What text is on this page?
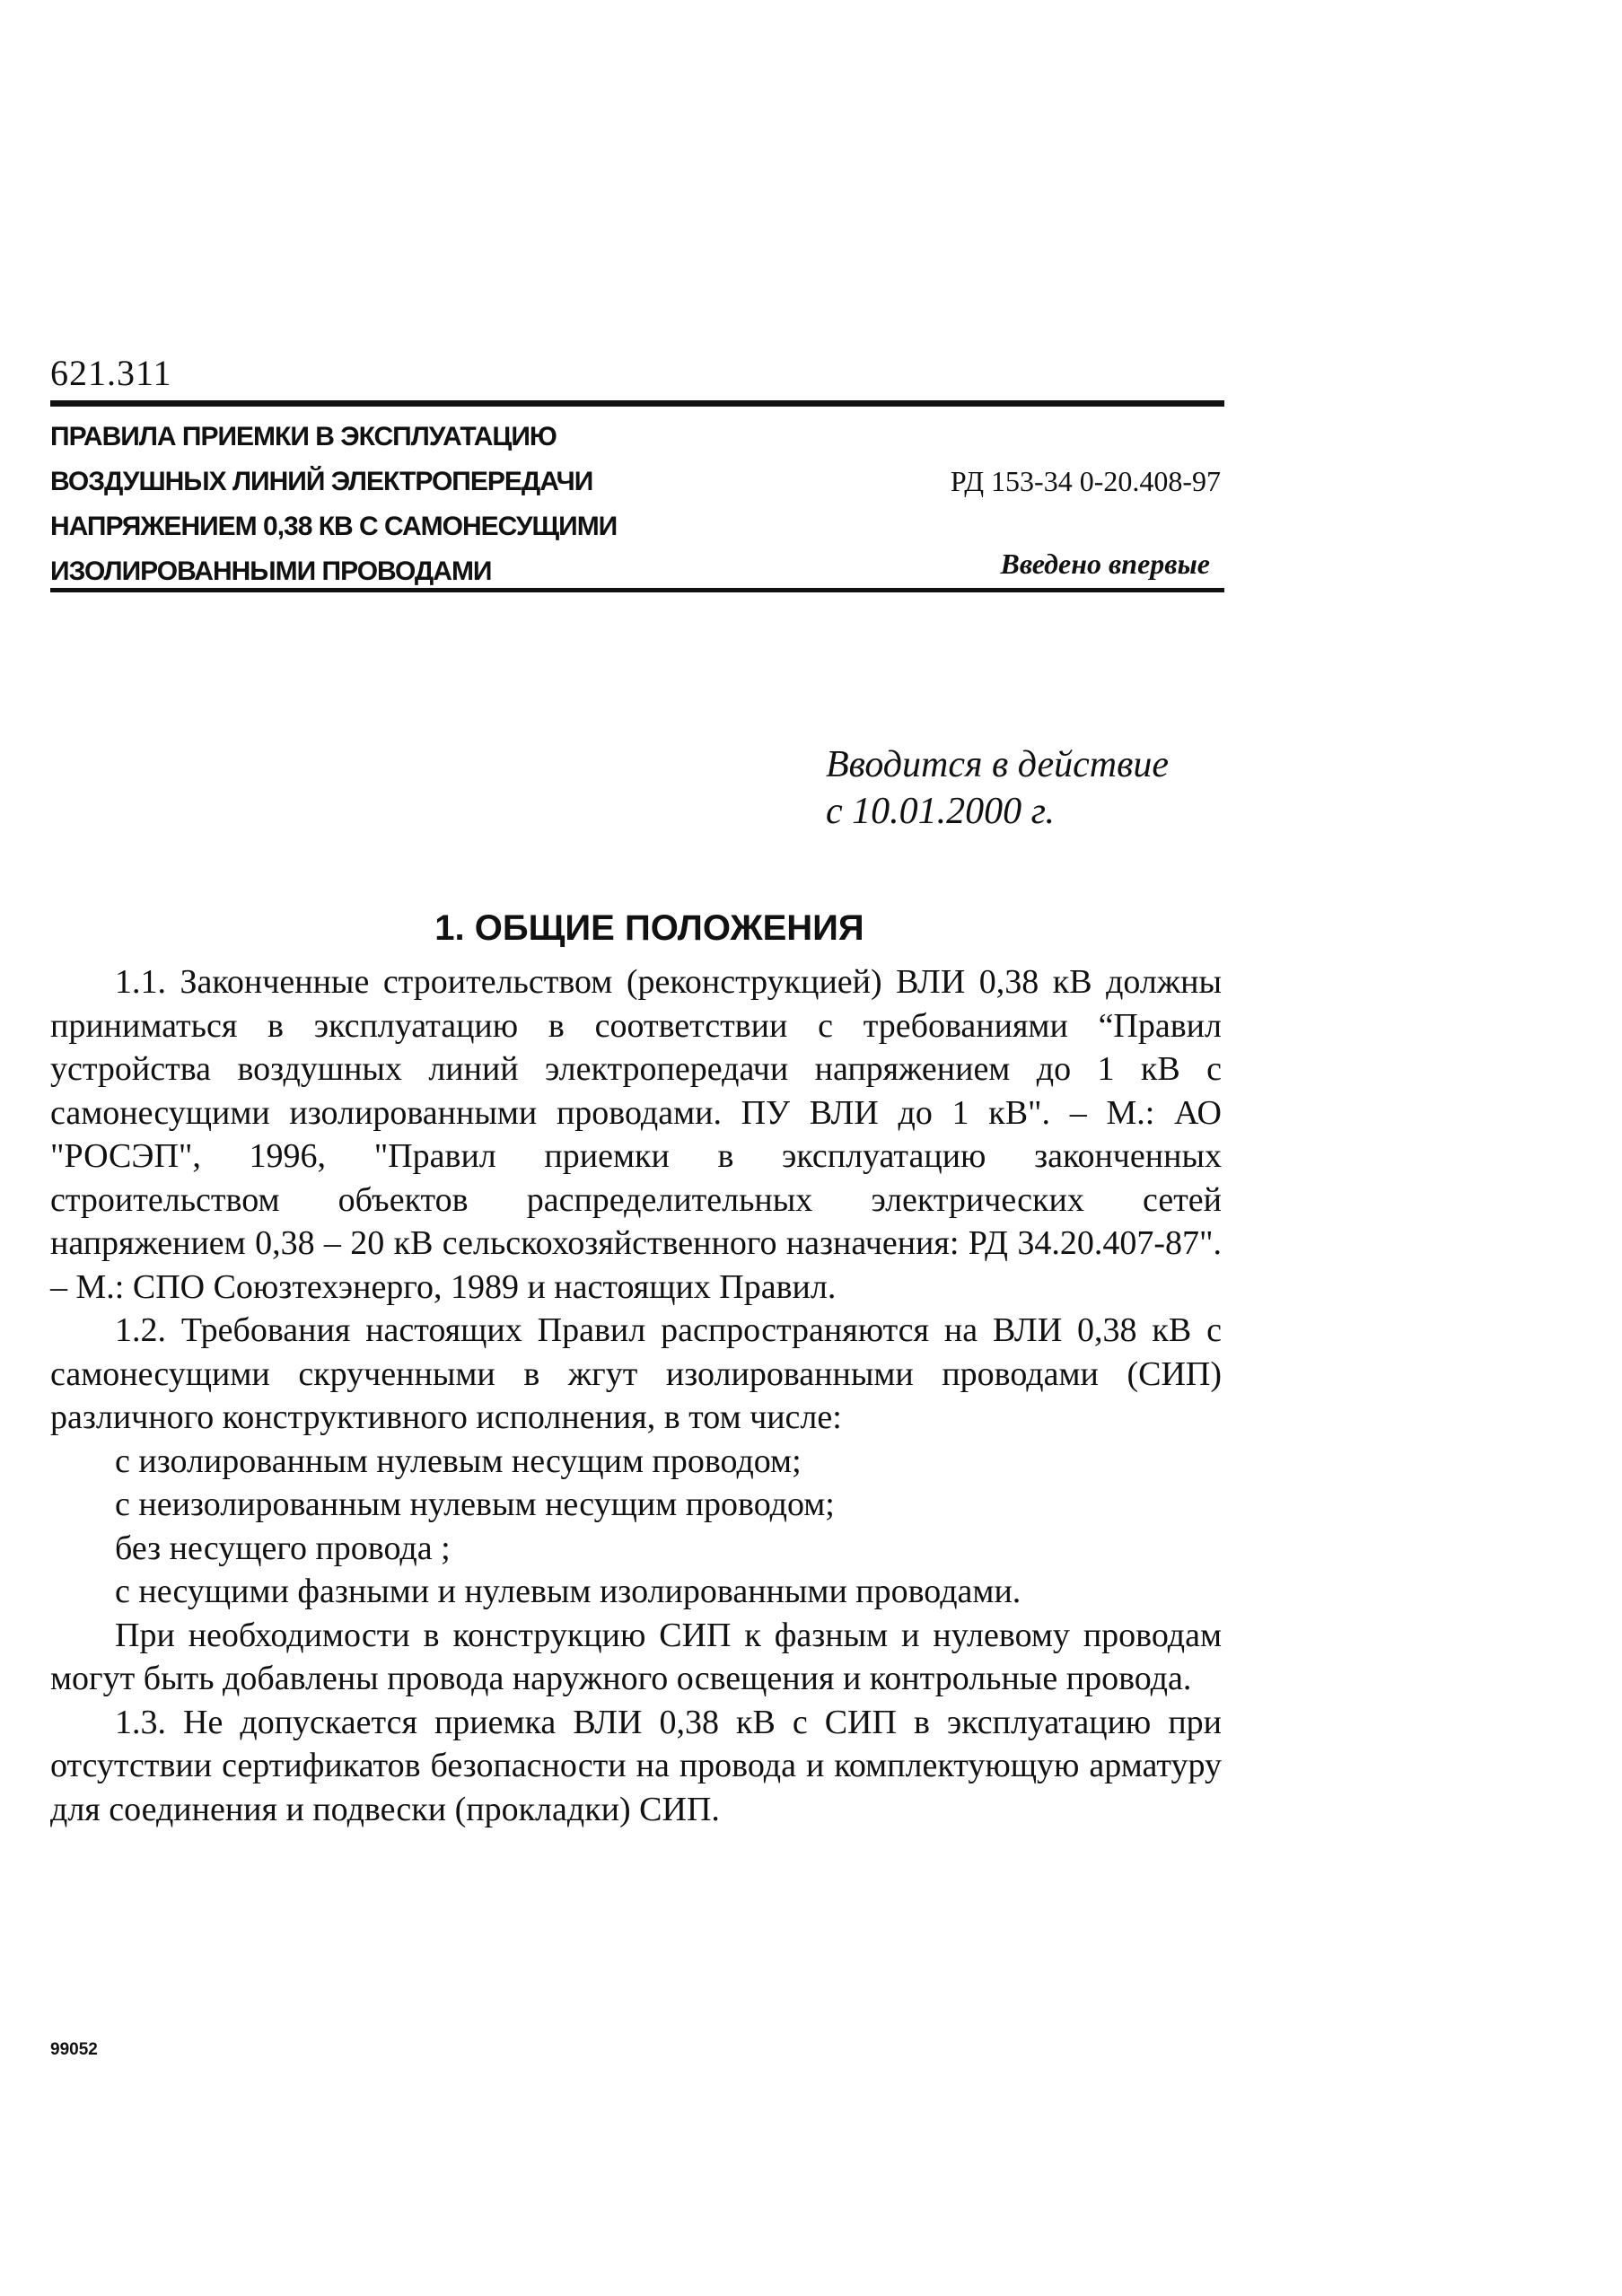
621.311
ПРАВИЛА ПРИЕМКИ В ЭКСПЛУАТАЦИЮ
ВОЗДУШНЫХ ЛИНИЙ ЭЛЕКТРОПЕРЕДАЧИ
НАПРЯЖЕНИЕМ 0,38 КВ С САМОНЕСУЩИМИ
ИЗОЛИРОВАННЫМИ ПРОВОДАМИ
РД 153-34 0-20.408-97
Введено впервые
Вводится в действие
с 10.01.2000 г.
1. ОБЩИЕ ПОЛОЖЕНИЯ

1.1. Законченные строительством (реконструкцией) ВЛИ 0,38 кВ должны приниматься в эксплуатацию в соответствии с требованиями “Правил устройства воздушных линий электропередачи напряжением до 1 кВ с самонесущими изолированными проводами. ПУ ВЛИ до 1 кВ". – М.: АО "РОСЭП", 1996, "Правил приемки в эксплуатацию законченных строительством объектов распределительных электрических сетей напряжением 0,38 – 20 кВ сельскохозяйственного назначения: РД 34.20.407-87". – М.: СПО Союзтехэнерго, 1989 и настоящих Правил.

1.2. Требования настоящих Правил распространяются на ВЛИ 0,38 кВ с самонесущими скрученными в жгут изолированными проводами (СИП) различного конструктивного исполнения, в том числе:

с изолированным нулевым несущим проводом;

с неизолированным нулевым несущим проводом;

без несущего провода ;

с несущими фазными и нулевым изолированными проводами.

При необходимости в конструкцию СИП к фазным и нулевому проводам могут быть добавлены провода наружного освещения и контрольные провода.

1.3. Не допускается приемка ВЛИ 0,38 кВ с СИП в эксплуатацию при отсутствии сертификатов безопасности на провода и комплектующую арматуру для соединения и подвески (прокладки) СИП.

99052
